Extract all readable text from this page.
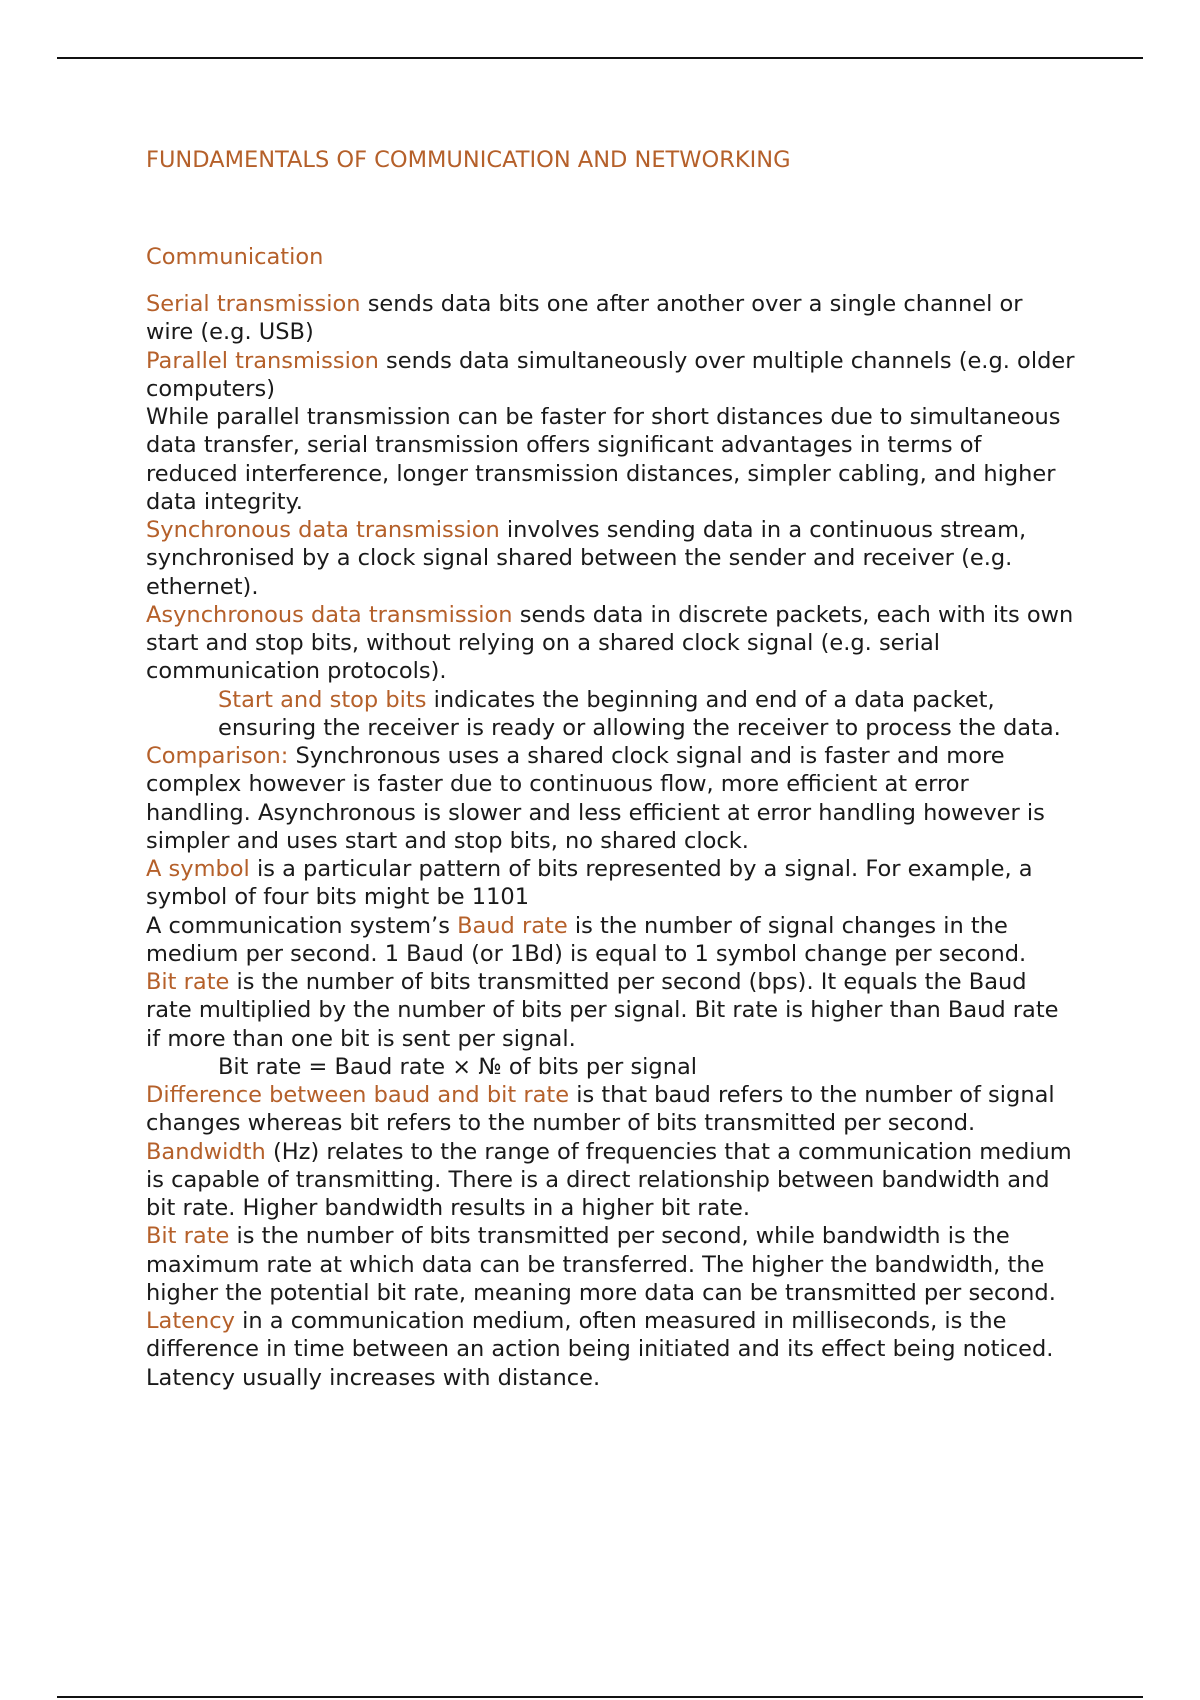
FUNDAMENTALS OF COMMUNICATION AND NETWORKING
Communication

Serial transmission sends data bits one after another over a single channel or wire (e.g. USB)

Parallel transmission sends data simultaneously over multiple channels (e.g. older computers)

While parallel transmission can be faster for short distances due to simultaneous data transfer, serial transmission offers significant advantages in terms of reduced interference, longer transmission distances, simpler cabling, and higher data integrity.

Synchronous data transmission involves sending data in a continuous stream, synchronised by a clock signal shared between the sender and receiver (e.g. ethernet).

Asynchronous data transmission sends data in discrete packets, each with its own start and stop bits, without relying on a shared clock signal (e.g. serial communication protocols).

Start and stop bits indicates the beginning and end of a data packet, ensuring the receiver is ready or allowing the receiver to process the data.

Comparison: Synchronous uses a shared clock signal and is faster and more complex however is faster due to continuous flow, more efficient at error handling. Asynchronous is slower and less efficient at error handling however is simpler and uses start and stop bits, no shared clock.

A symbol is a particular pattern of bits represented by a signal. For example, a symbol of four bits might be 1101

A communication system’s Baud rate is the number of signal changes in the medium per second. 1 Baud (or 1Bd) is equal to 1 symbol change per second.

Bit rate is the number of bits transmitted per second (bps). It equals the Baud rate multiplied by the number of bits per signal. Bit rate is higher than Baud rate if more than one bit is sent per signal.

Bit rate = Baud rate × № of bits per signal

Difference between baud and bit rate is that baud refers to the number of signal changes whereas bit refers to the number of bits transmitted per second.

Bandwidth (Hz) relates to the range of frequencies that a communication medium is capable of transmitting. There is a direct relationship between bandwidth and bit rate. Higher bandwidth results in a higher bit rate.

Bit rate is the number of bits transmitted per second, while bandwidth is the maximum rate at which data can be transferred. The higher the bandwidth, the higher the potential bit rate, meaning more data can be transmitted per second.

Latency in a communication medium, often measured in milliseconds, is the difference in time between an action being initiated and its effect being noticed. Latency usually increases with distance.
